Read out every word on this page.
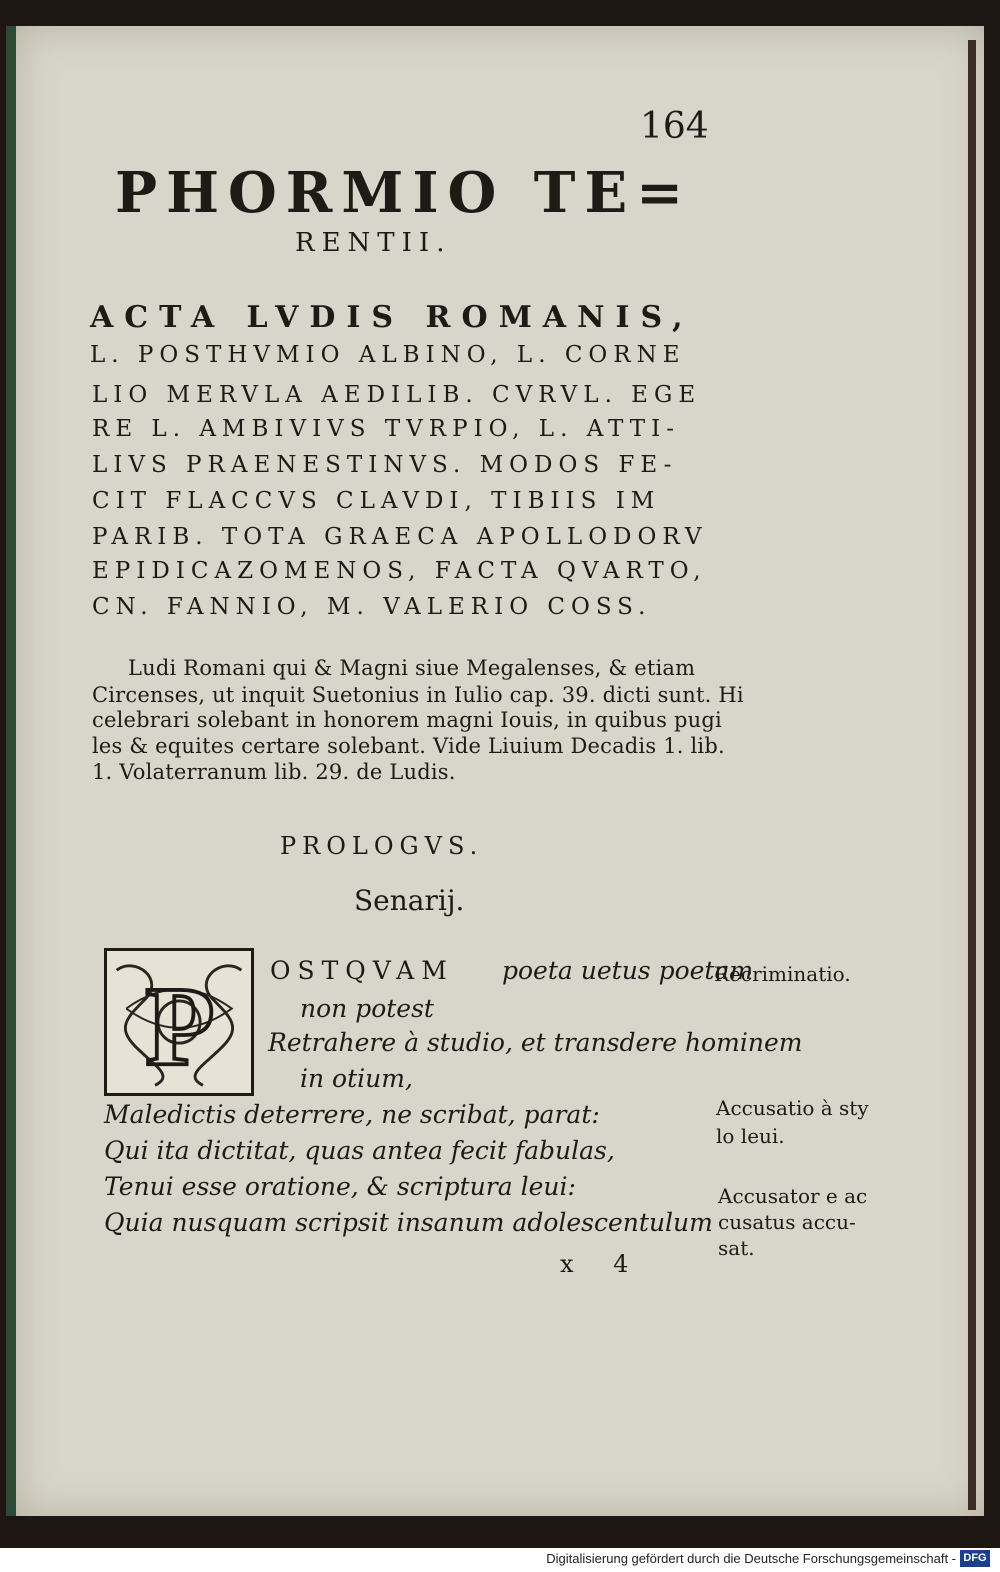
164
PHORMIO TE=
RENTII.
ACTA LVDIS ROMANIS,
L. POSTHVMIO ALBINO, L. CORNE
LIO MERVLA AEDILIB. CVRVL. EGE
RE L. AMBIVIVS TVRPIO, L. ATTI-
LIVS PRAENESTINVS. MODOS FE-
CIT FLACCVS CLAVDI, TIBIIS IM
PARIB. TOTA GRAECA APOLLODORV
EPIDICAZOMENOS, FACTA QVARTO,
CN. FANNIO, M. VALERIO COSS.
Ludi Romani qui & Magni siue Megalenses, & etiam
Circenses, ut inquit Suetonius in Iulio cap. 39. dicti sunt. Hi
celebrari solebant in honorem magni Iouis, in quibus pugi
les & equites certare solebant. Vide Liuium Decadis 1. lib.
1. Volaterranum lib. 29. de Ludis.
PROLOGVS.
Senarij.
P OSTQVAM poeta uetus poetam
non potest
Retrahere à studio, et transdere hominem
in otium,
Maledictis deterrere, ne scribat, parat:
Qui ita dictitat, quas antea fecit fabulas,
Tenui esse oratione, & scriptura leui:
Quia nusquam scripsit insanum adolescentulum
Recriminatio.
Accusatio à sty
lo leui.
Accusator e ac
cusatus accu-
sat.
x 4
Digitalisierung gefördert durch die Deutsche Forschungsgemeinschaft - DFG
